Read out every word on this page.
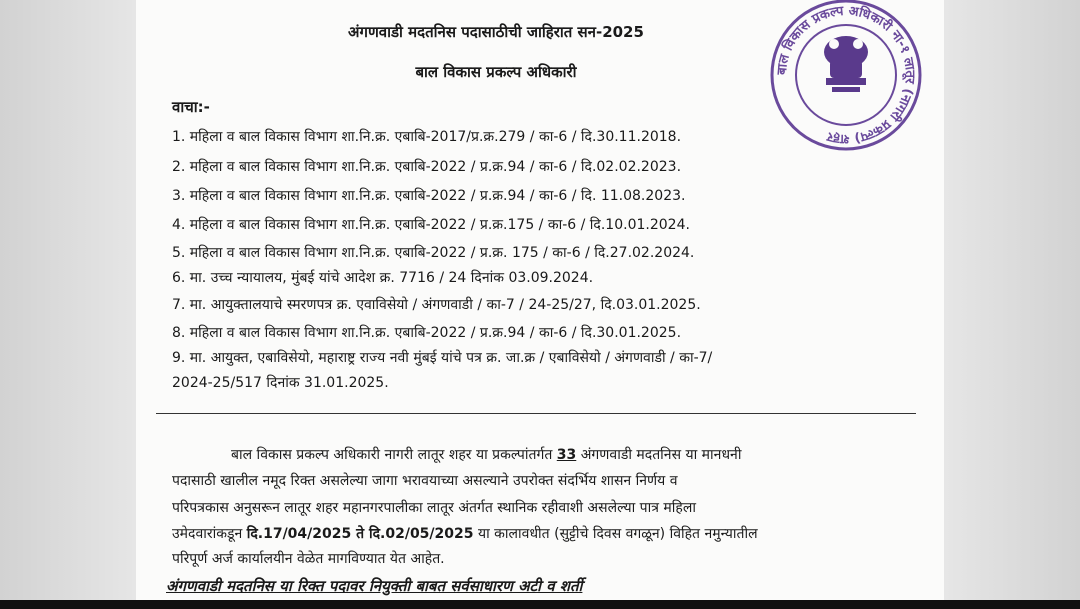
अंगणवाडी मदतनिस पदासाठीची जाहिरात सन-2025
बाल विकास प्रकल्प अधिकारी	बाल विकास प्रकल्प अधिकारी ना-१ लातूर (नागरी प्रकल्प) शहर
वाचा:-
1. महिला व बाल विकास विभाग शा.नि.क्र. एबाबि-2017/प्र.क्र.279 / का-6 / दि.30.11.2018.
2. महिला व बाल विकास विभाग शा.नि.क्र. एबाबि-2022 / प्र.क्र.94 / का-6 / दि.02.02.2023.
3. महिला व बाल विकास विभाग शा.नि.क्र. एबाबि-2022 / प्र.क्र.94 / का-6 / दि. 11.08.2023.
4. महिला व बाल विकास विभाग शा.नि.क्र. एबाबि-2022 / प्र.क्र.175 / का-6 / दि.10.01.2024.
5. महिला व बाल विकास विभाग शा.नि.क्र. एबाबि-2022 / प्र.क्र. 175 / का-6 / दि.27.02.2024.
6. मा. उच्च न्यायालय, मुंबई यांचे आदेश क्र. 7716 / 24 दिनांक 03.09.2024.
7. मा. आयुक्तालयाचे स्मरणपत्र क्र. एवाविसेयो / अंगणवाडी / का-7 / 24-25/27, दि.03.01.2025.
8. महिला व बाल विकास विभाग शा.नि.क्र. एबाबि-2022 / प्र.क्र.94 / का-6 / दि.30.01.2025.
9. मा. आयुक्त, एबाविसेयो, महाराष्ट्र राज्य नवी मुंबई यांचे पत्र क्र. जा.क्र / एबाविसेयो / अंगणवाडी / का-7/
2024-25/517 दिनांक 31.01.2025.
बाल विकास प्रकल्प अधिकारी नागरी लातूर शहर या प्रकल्पांतर्गत 33 अंगणवाडी मदतनिस या मानधनी
पदासाठी खालील नमूद रिक्त असलेल्या जागा भरावयाच्या असल्याने उपरोक्त संदर्भिय शासन निर्णय व
परिपत्रकास अनुसरून लातूर शहर महानगरपालीका लातूर अंतर्गत स्थानिक रहीवाशी असलेल्या पात्र महिला
उमेदवारांकडून दि.17/04/2025 ते दि.02/05/2025 या कालावधीत (सुट्टीचे दिवस वगळून) विहित नमुन्यातील
परिपूर्ण अर्ज कार्यालयीन वेळेत मागविण्यात येत आहेत.
अंगणवाडी मदतनिस या रिक्त पदावर नियुक्ती बाबत सर्वसाधारण अटी व शर्ती
